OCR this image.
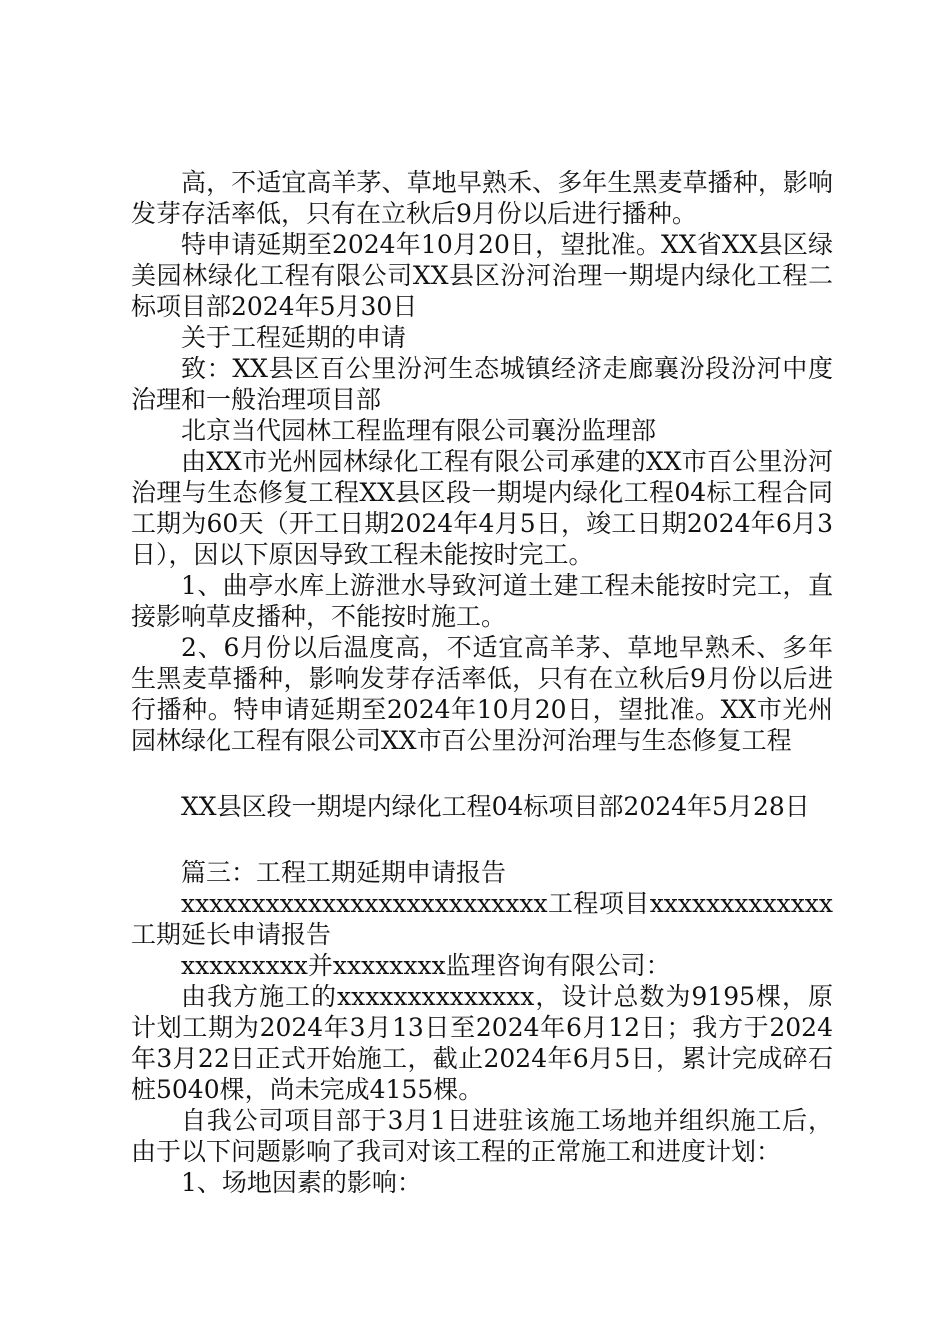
高，不适宜高羊茅、草地早熟禾、多年生黑麦草播种，影响发芽存活率低，只有在立秋后9月份以后进行播种。

特申请延期至2024年10月20日，望批准。XX省XX县区绿美园林绿化工程有限公司XX县区汾河治理一期堤内绿化工程二标项目部2024年5月30日

关于工程延期的申请

致：XX县区百公里汾河生态城镇经济走廊襄汾段汾河中度治理和一般治理项目部

北京当代园林工程监理有限公司襄汾监理部

由XX市光州园林绿化工程有限公司承建的XX市百公里汾河治理与生态修复工程XX县区段一期堤内绿化工程04标工程合同工期为60天（开工日期2024年4月5日，竣工日期2024年6月3日），因以下原因导致工程未能按时完工。

1、曲亭水库上游泄水导致河道土建工程未能按时完工，直接影响草皮播种，不能按时施工。

2、6月份以后温度高，不适宜高羊茅、草地早熟禾、多年生黑麦草播种，影响发芽存活率低，只有在立秋后9月份以后进行播种。特申请延期至2024年10月20日，望批准。XX市光州园林绿化工程有限公司XX市百公里汾河治理与生态修复工程

XX县区段一期堤内绿化工程04标项目部2024年5月28日

篇三：工程工期延期申请报告

xxxxxxxxxxxxxxxxxxxxxxxxxx工程项目xxxxxxxxxxxxx工期延长申请报告

xxxxxxxxx并xxxxxxxx监理咨询有限公司：

由我方施工的xxxxxxxxxxxxxx，设计总数为9195棵，原计划工期为2024年3月13日至2024年6月12日；我方于2024年3月22日正式开始施工，截止2024年6月5日，累计完成碎石桩5040棵，尚未完成4155棵。

自我公司项目部于3月1日进驻该施工场地并组织施工后，由于以下问题影响了我司对该工程的正常施工和进度计划：

1、场地因素的影响：
